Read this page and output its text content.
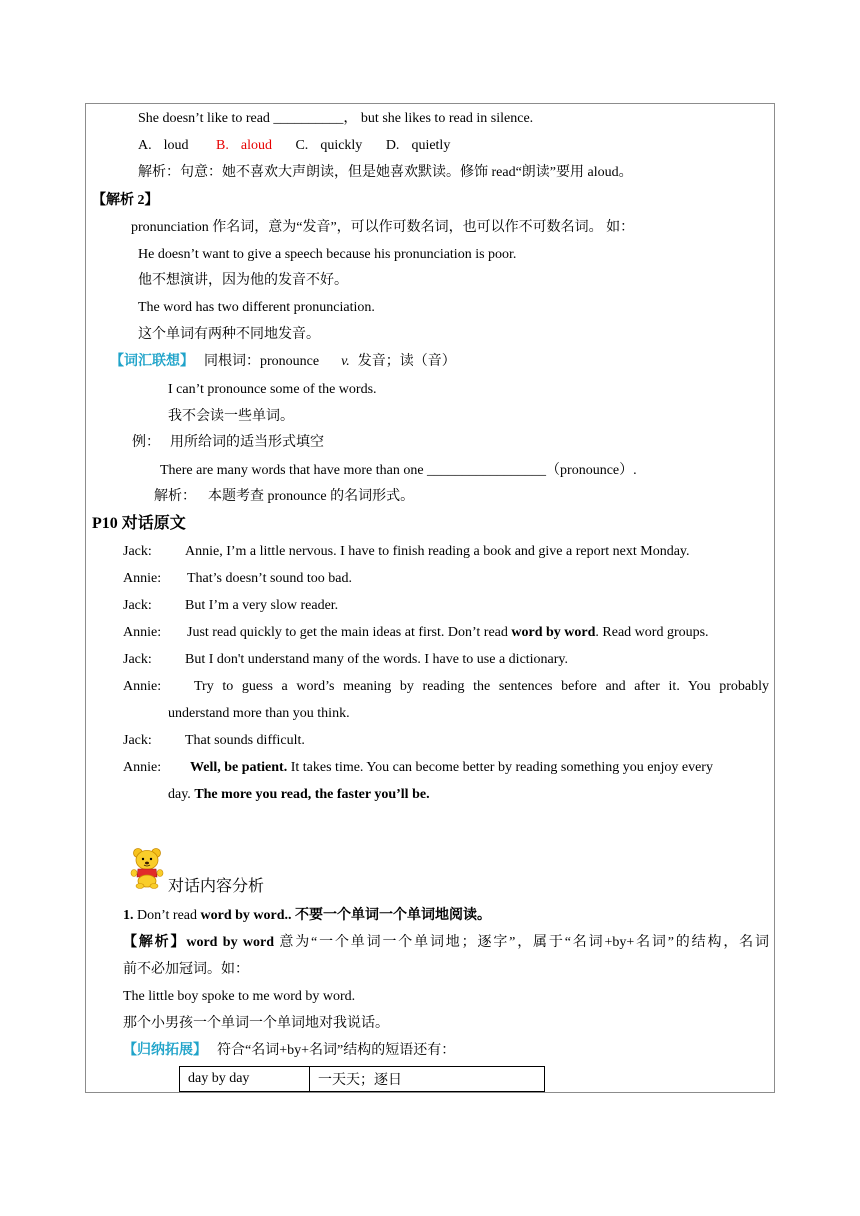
She doesn’t like to read __________， but she likes to read in silence.
A. loud B. aloud C. quickly D. quietly
解析：句意：她不喜欢大声朗读，但是她喜欢默读。修饰 read“朗读”要用 aloud。
【解析 2】
pronunciation 作名词，意为“发音”，可以作可数名词，也可以作不可数名词。 如：
He doesn’t want to give a speech because his pronunciation is poor.
他不想演讲，因为他的发音不好。
The word has two different pronunciation.
这个单词有两种不同地发音。
【词汇联想】 同根词：pronounce v. 发音；读（音）
I can’t pronounce some of the words.
我不会读一些单词。
例： 用所给词的适当形式填空
There are many words that have more than one _________________（pronounce）.
解析： 本题考查 pronounce 的名词形式。
P10 对话原文
Jack: Annie, I’m a little nervous. I have to finish reading a book and give a report next Monday.
Annie: That’s doesn’t sound too bad.
Jack: But I’m a very slow reader.
Annie: Just read quickly to get the main ideas at first. Don’t read word by word. Read word groups.
Jack: But I don't understand many of the words. I have to use a dictionary.
Annie: Try to guess a word’s meaning by reading the sentences before and after it. You probably
understand more than you think.
Jack: That sounds difficult.
Annie: Well, be patient. It takes time. You can become better by reading something you enjoy every
day. The more you read, the faster you’ll be.
对话内容分析
1. Don’t read word by word.. 不要一个单词一个单词地阅读。
【解析】word by word 意为“一个单词一个单词地；逐字”，属于“名词+by+名词”的结构，名词
前不必加冠词。如：
The little boy spoke to me word by word.
那个小男孩一个单词一个单词地对我说话。
【归纳拓展】 符合“名词+by+名词”结构的短语还有：
day by day	一天天；逐日
